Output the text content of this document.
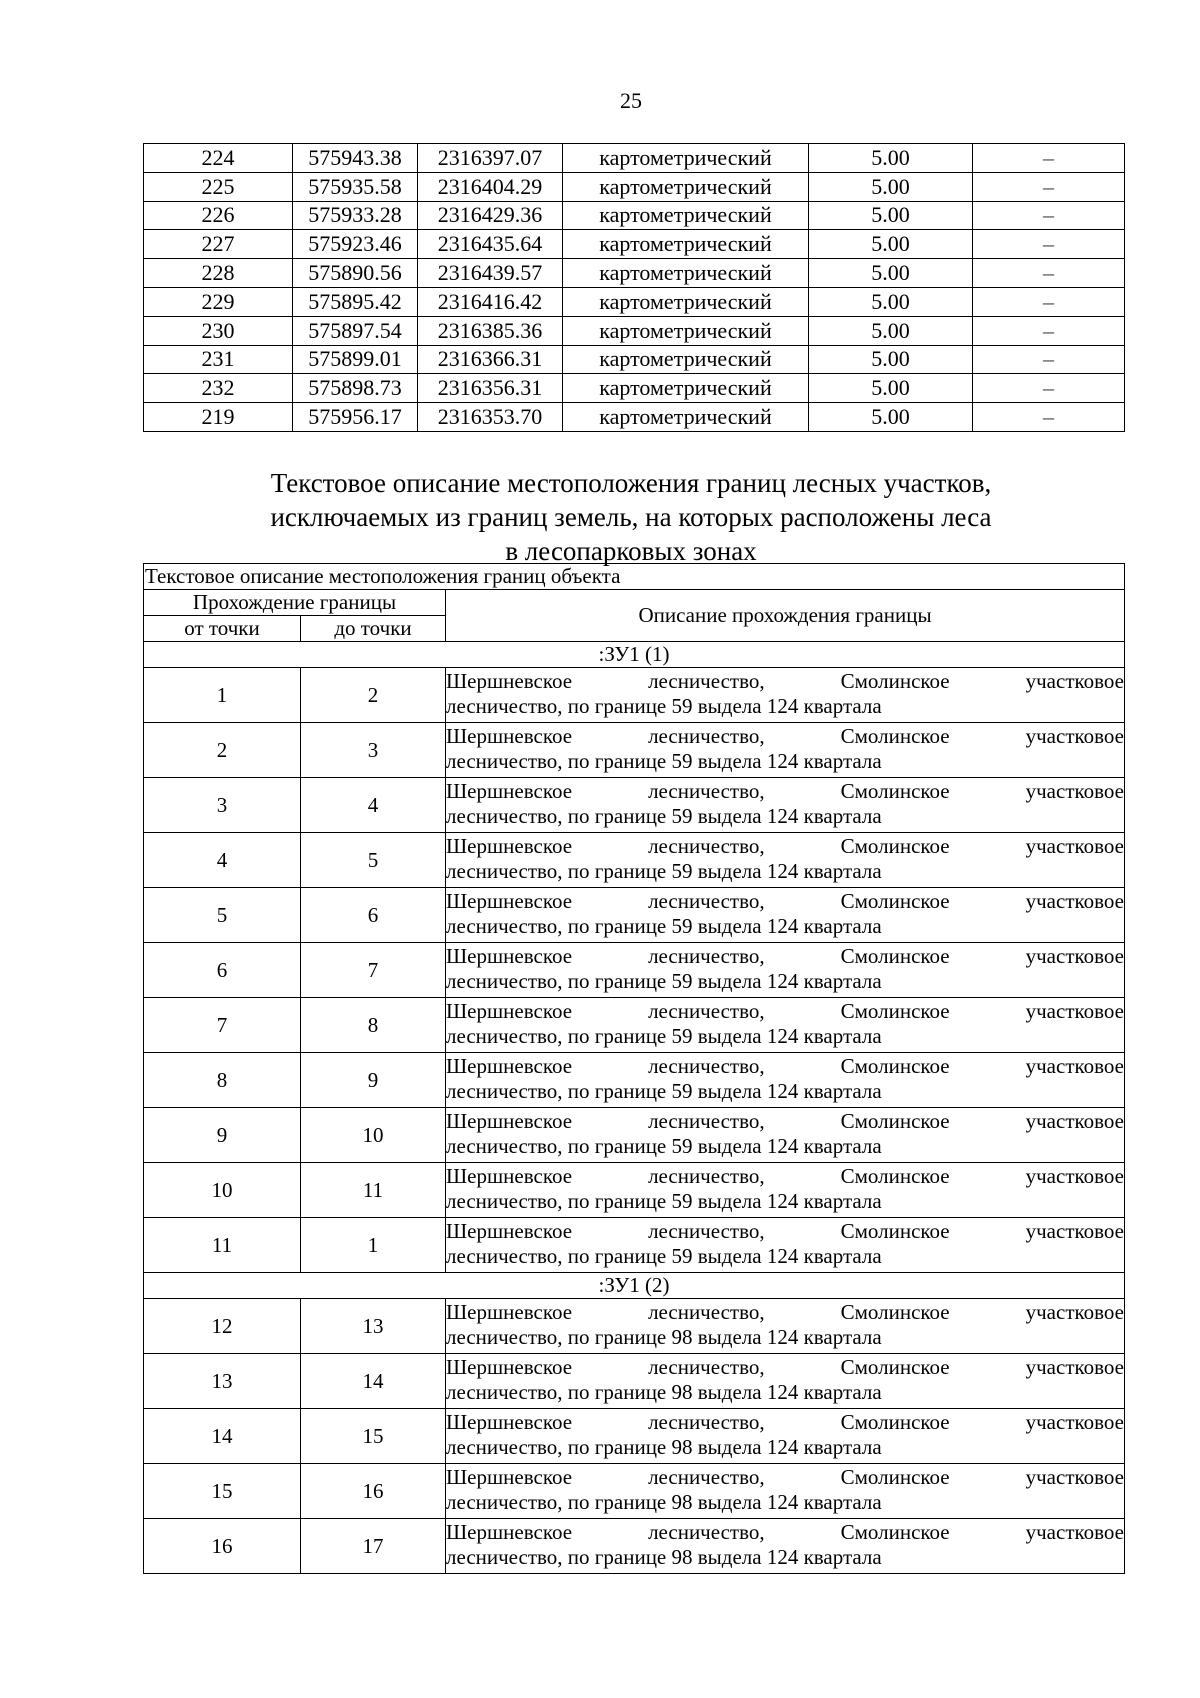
25
224	575943.38	2316397.07	картометрический	5.00	–
225	575935.58	2316404.29	картометрический	5.00	–
226	575933.28	2316429.36	картометрический	5.00	–
227	575923.46	2316435.64	картометрический	5.00	–
228	575890.56	2316439.57	картометрический	5.00	–
229	575895.42	2316416.42	картометрический	5.00	–
230	575897.54	2316385.36	картометрический	5.00	–
231	575899.01	2316366.31	картометрический	5.00	–
232	575898.73	2316356.31	картометрический	5.00	–
219	575956.17	2316353.70	картометрический	5.00	–
Текстовое описание местоположения границ лесных участков,
исключаемых из границ земель, на которых расположены леса
в лесопарковых зонах
Текстовое описание местоположения границ объекта		
Прохождение границы		Описание прохождения границы
от точки	до точки	
:ЗУ1 (1)		
1	2	Шершневское лесничество, Смолинское участковое
лесничество, по границе 59 выдела 124 квартала

2	3	Шершневское лесничество, Смолинское участковое
лесничество, по границе 59 выдела 124 квартала

3	4	Шершневское лесничество, Смолинское участковое
лесничество, по границе 59 выдела 124 квартала

4	5	Шершневское лесничество, Смолинское участковое
лесничество, по границе 59 выдела 124 квартала

5	6	Шершневское лесничество, Смолинское участковое
лесничество, по границе 59 выдела 124 квартала

6	7	Шершневское лесничество, Смолинское участковое
лесничество, по границе 59 выдела 124 квартала

7	8	Шершневское лесничество, Смолинское участковое
лесничество, по границе 59 выдела 124 квартала

8	9	Шершневское лесничество, Смолинское участковое
лесничество, по границе 59 выдела 124 квартала

9	10	Шершневское лесничество, Смолинское участковое
лесничество, по границе 59 выдела 124 квартала

10	11	Шершневское лесничество, Смолинское участковое
лесничество, по границе 59 выдела 124 квартала

11	1	Шершневское лесничество, Смолинское участковое
лесничество, по границе 59 выдела 124 квартала

:ЗУ1 (2)		
12	13	Шершневское лесничество, Смолинское участковое
лесничество, по границе 98 выдела 124 квартала

13	14	Шершневское лесничество, Смолинское участковое
лесничество, по границе 98 выдела 124 квартала

14	15	Шершневское лесничество, Смолинское участковое
лесничество, по границе 98 выдела 124 квартала

15	16	Шершневское лесничество, Смолинское участковое
лесничество, по границе 98 выдела 124 квартала

16	17	Шершневское лесничество, Смолинское участковое
лесничество, по границе 98 выдела 124 квартала
